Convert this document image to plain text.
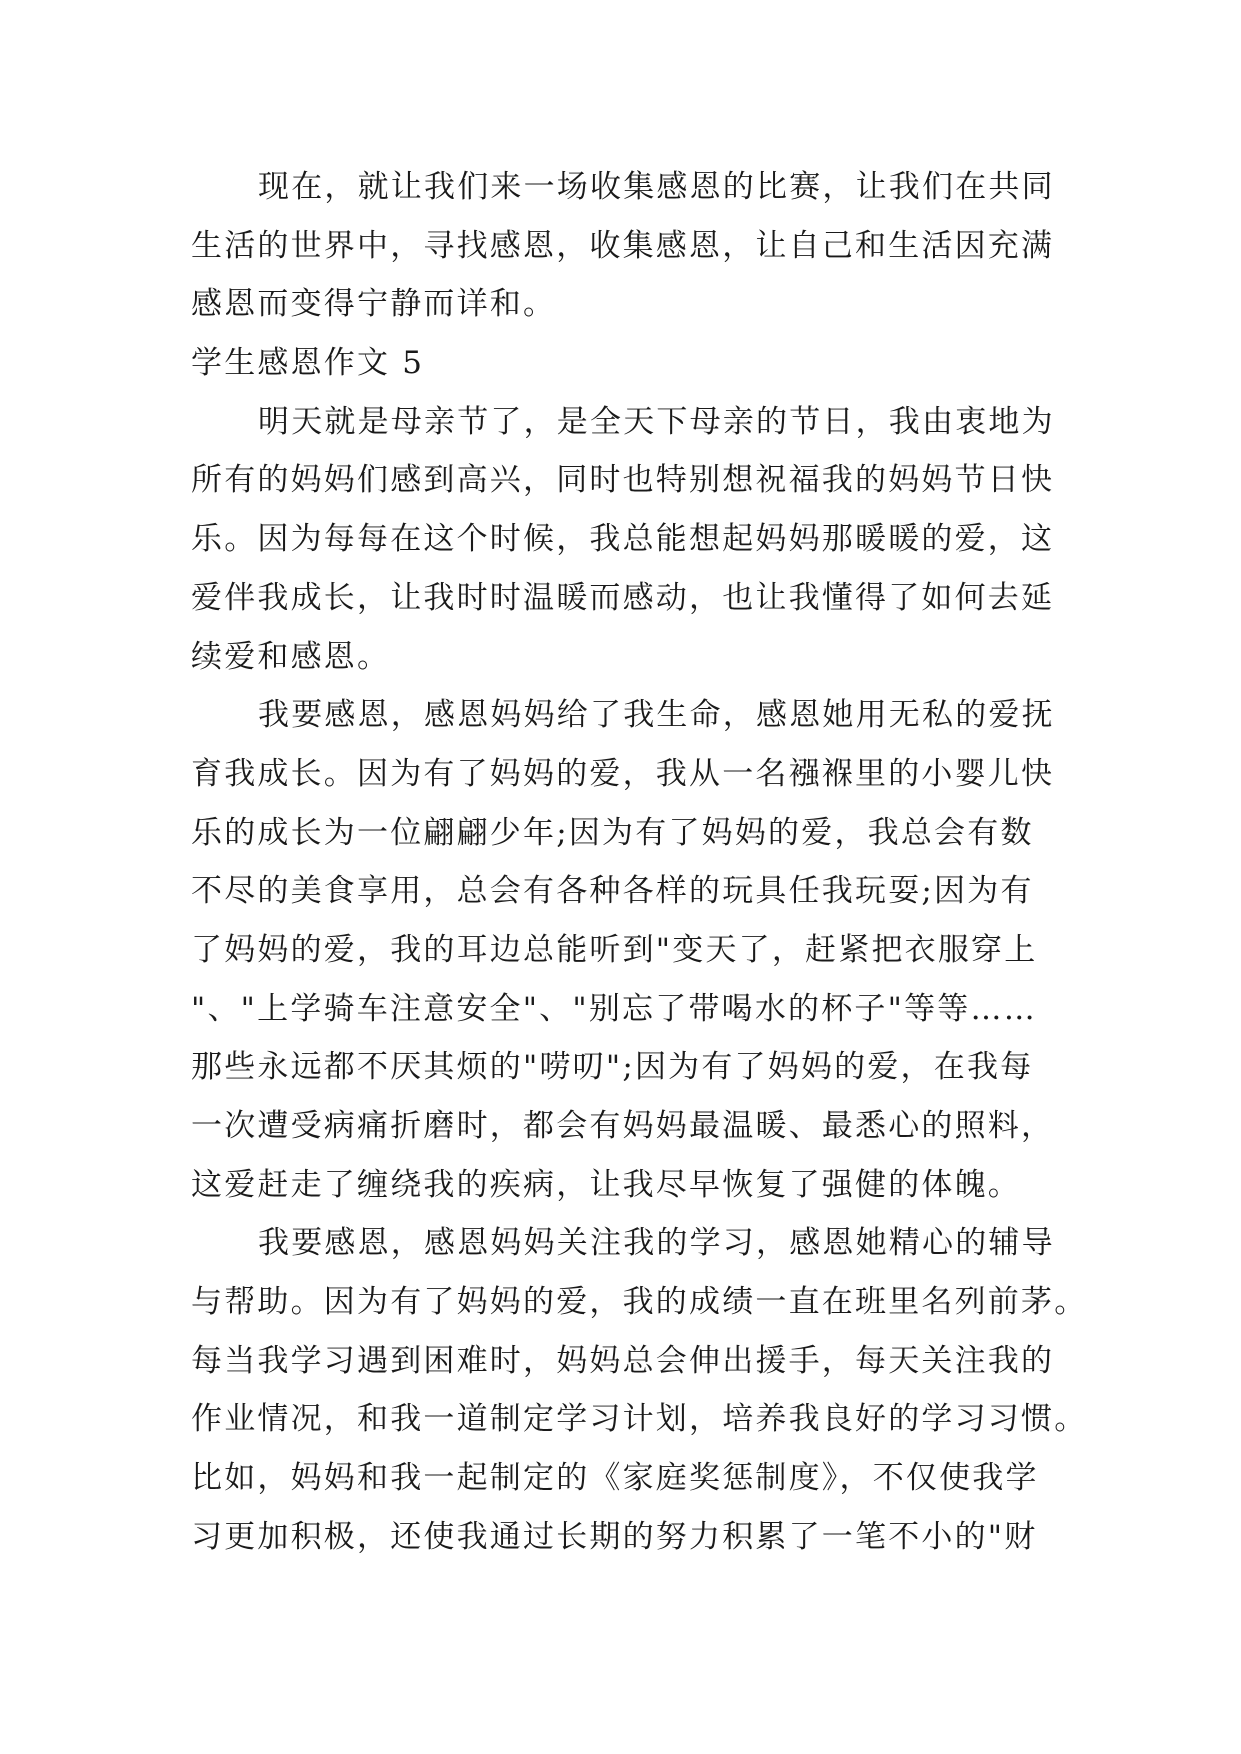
现在，就让我们来一场收集感恩的比赛，让我们在共同
生活的世界中，寻找感恩，收集感恩，让自己和生活因充满
感恩而变得宁静而详和。
学生感恩作文 5
明天就是母亲节了，是全天下母亲的节日，我由衷地为
所有的妈妈们感到高兴，同时也特别想祝福我的妈妈节日快
乐。因为每每在这个时候，我总能想起妈妈那暖暖的爱，这
爱伴我成长，让我时时温暖而感动，也让我懂得了如何去延
续爱和感恩。
我要感恩，感恩妈妈给了我生命，感恩她用无私的爱抚
育我成长。因为有了妈妈的爱，我从一名襁褓里的小婴儿快
乐的成长为一位翩翩少年;因为有了妈妈的爱，我总会有数
不尽的美食享用，总会有各种各样的玩具任我玩耍;因为有
了妈妈的爱，我的耳边总能听到"变天了，赶紧把衣服穿上
"、"上学骑车注意安全"、"别忘了带喝水的杯子"等等……
那些永远都不厌其烦的"唠叨";因为有了妈妈的爱，在我每
一次遭受病痛折磨时，都会有妈妈最温暖、最悉心的照料，
这爱赶走了缠绕我的疾病，让我尽早恢复了强健的体魄。
我要感恩，感恩妈妈关注我的学习，感恩她精心的辅导
与帮助。因为有了妈妈的爱，我的成绩一直在班里名列前茅。
每当我学习遇到困难时，妈妈总会伸出援手，每天关注我的
作业情况，和我一道制定学习计划，培养我良好的学习习惯。
比如，妈妈和我一起制定的《家庭奖惩制度》，不仅使我学
习更加积极，还使我通过长期的努力积累了一笔不小的"财
